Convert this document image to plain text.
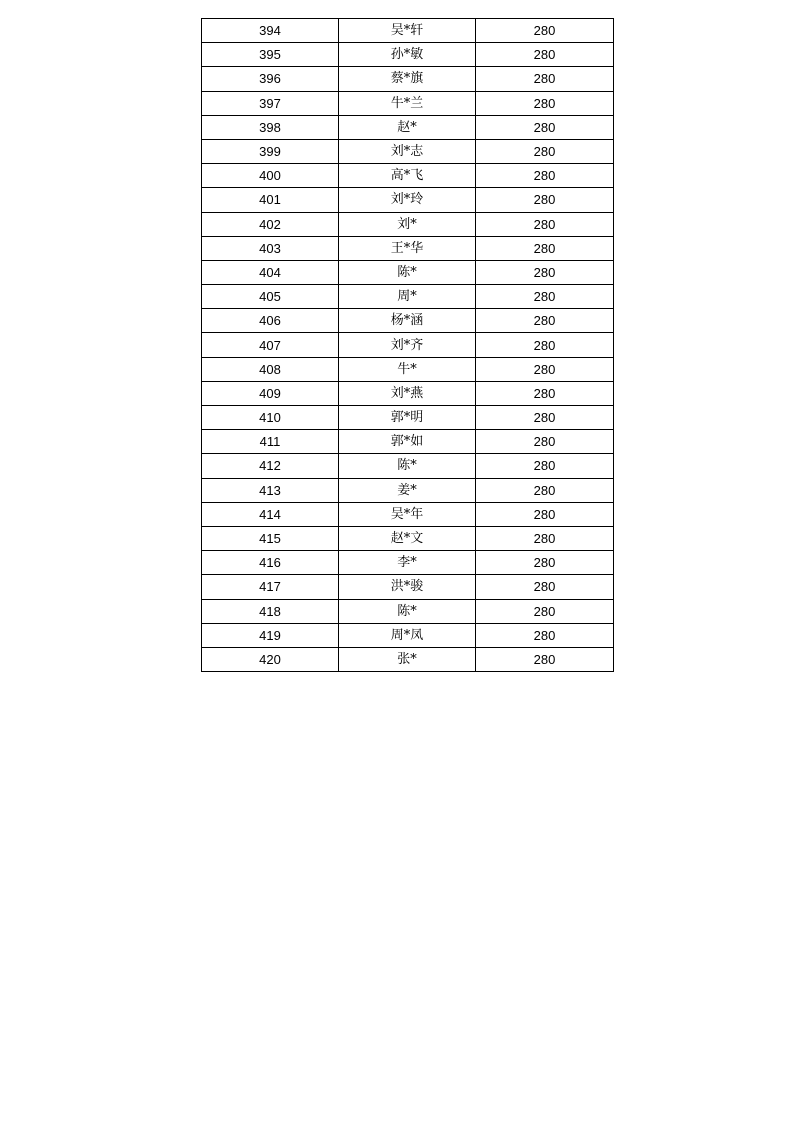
394	吴*轩	280
395	孙*敏	280
396	蔡*旗	280
397	牛*兰	280
398	赵*	280
399	刘*志	280
400	高*飞	280
401	刘*玲	280
402	刘*	280
403	王*华	280
404	陈*	280
405	周*	280
406	杨*涵	280
407	刘*齐	280
408	牛*	280
409	刘*燕	280
410	郭*明	280
411	郭*如	280
412	陈*	280
413	姜*	280
414	吴*年	280
415	赵*文	280
416	李*	280
417	洪*骏	280
418	陈*	280
419	周*凤	280
420	张*	280
